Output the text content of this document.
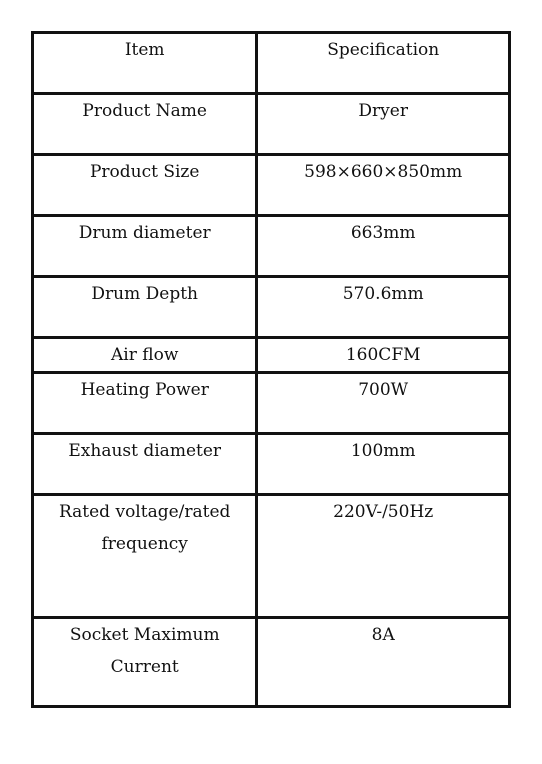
Item	Specification

Product Name	Dryer

Product Size	598×660×850mm

Drum diameter	663mm

Drum Depth	570.6mm

Air flow	160CFM

Heating Power	700W

Exhaust diameter	100mm

Rated voltage/rated frequency	220V-/50Hz

Socket Maximum Current	8A
